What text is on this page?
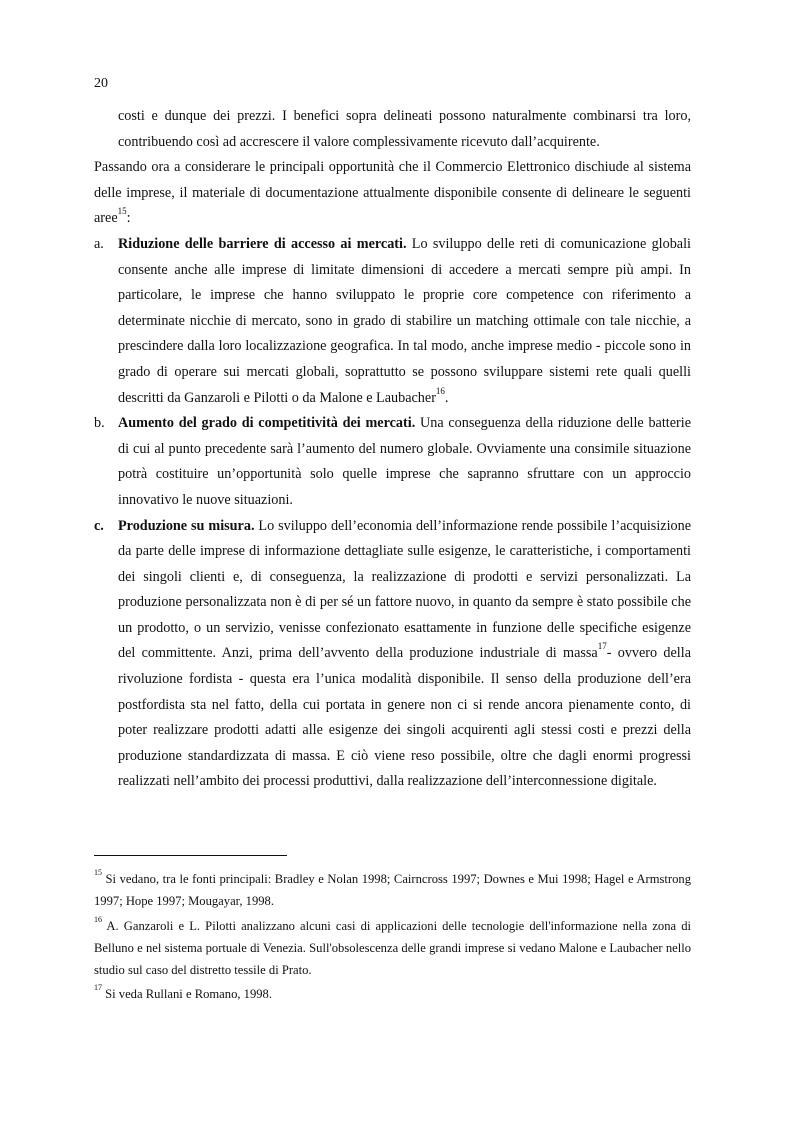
20

costi e dunque dei prezzi. I benefici sopra delineati possono naturalmente combinarsi tra loro, contribuendo così ad accrescere il valore complessivamente ricevuto dall’acquirente.

Passando ora a considerare le principali opportunità che il Commercio Elettronico dischiude al sistema delle imprese, il materiale di documentazione attualmente disponibile consente di delineare le seguenti aree$^{15}$:

a. Riduzione delle barriere di accesso ai mercati. Lo sviluppo delle reti di comunicazione globali consente anche alle imprese di limitate dimensioni di accedere a mercati sempre più ampi. In particolare, le imprese che hanno sviluppato le proprie core competence con riferimento a determinate nicchie di mercato, sono in grado di stabilire un matching ottimale con tale nicchie, a prescindere dalla loro localizzazione geografica. In tal modo, anche imprese medio - piccole sono in grado di operare sui mercati globali, soprattutto se possono sviluppare sistemi rete quali quelli descritti da Ganzaroli e Pilotti o da Malone e Laubacher$^{16}$.

b. Aumento del grado di competitività dei mercati. Una conseguenza della riduzione delle batterie di cui al punto precedente sarà l’aumento del numero globale. Ovviamente una consimile situazione potrà costituire un’opportunità solo quelle imprese che sapranno sfruttare con un approccio innovativo le nuove situazioni.

c. Produzione su misura. Lo sviluppo dell’economia dell’informazione rende possibile l’acquisizione da parte delle imprese di informazione dettagliate sulle esigenze, le caratteristiche, i comportamenti dei singoli clienti e, di conseguenza, la realizzazione di prodotti e servizi personalizzati. La produzione personalizzata non è di per sé un fattore nuovo, in quanto da sempre è stato possibile che un prodotto, o un servizio, venisse confezionato esattamente in funzione delle specifiche esigenze del committente. Anzi, prima dell’avvento della produzione industriale di massa$^{17}$- ovvero della rivoluzione fordista - questa era l’unica modalità disponibile. Il senso della produzione dell’era postfordista sta nel fatto, della cui portata in genere non ci si rende ancora pienamente conto, di poter realizzare prodotti adatti alle esigenze dei singoli acquirenti agli stessi costi e prezzi della produzione standardizzata di massa. E ciò viene reso possibile, oltre che dagli enormi progressi realizzati nell’ambito dei processi produttivi, dalla realizzazione dell’interconnessione digitale.

$^{15}$ Si vedano, tra le fonti principali: Bradley e Nolan 1998; Cairncross 1997; Downes e Mui 1998; Hagel e Armstrong 1997; Hope 1997; Mougayar, 1998.

$^{16}$ A. Ganzaroli e L. Pilotti analizzano alcuni casi di applicazioni delle tecnologie dell'informazione nella zona di Belluno e nel sistema portuale di Venezia. Sull'obsolescenza delle grandi imprese si vedano Malone e Laubacher nello studio sul caso del distretto tessile di Prato.

$^{17}$ Si veda Rullani e Romano, 1998.
